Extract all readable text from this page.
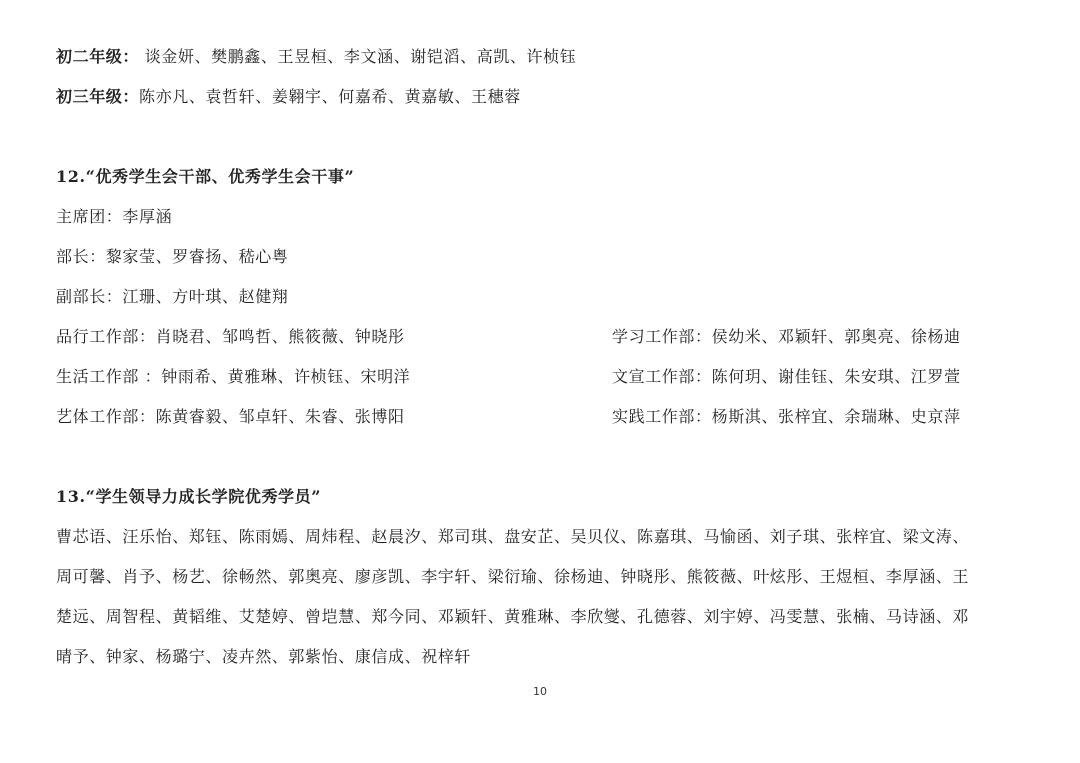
初二年级： 谈金妍、樊鹏鑫、王昱桓、李文涵、谢铠滔、高凯、许桢钰
初三年级：陈亦凡、袁哲轩、姜翱宇、何嘉希、黄嘉敏、王穗蓉
12.“优秀学生会干部、优秀学生会干事”
主席团：李厚涵
部长：黎家莹、罗睿扬、嵇心粤
副部长：江珊、方叶琪、赵健翔
品行工作部：肖晓君、邹鸣哲、熊筱薇、钟晓彤
生活工作部 ：钟雨希、黄雅琳、许桢钰、宋明洋
艺体工作部：陈黄睿毅、邹卓轩、朱睿、张博阳
学习工作部：侯幼米、邓颖轩、郭奥亮、徐杨迪
文宣工作部：陈何玥、谢佳钰、朱安琪、江罗萱
实践工作部：杨斯淇、张梓宜、余瑞琳、史京萍
13.“学生领导力成长学院优秀学员”
曹芯语、汪乐怡、郑钰、陈雨嫣、周炜程、赵晨汐、郑司琪、盘安芷、吴贝仪、陈嘉琪、马愉函、刘子琪、张梓宜、梁文涛、
周可馨、肖予、杨艺、徐畅然、郭奥亮、廖彦凯、李宇轩、梁衍瑜、徐杨迪、钟晓彤、熊筱薇、叶炫彤、王煜桓、李厚涵、王
楚远、周智程、黄韬维、艾楚婷、曾垲慧、郑今同、邓颖轩、黄雅琳、李欣燮、孔德蓉、刘宇婷、冯雯慧、张楠、马诗涵、邓
晴予、钟家、杨璐宁、凌卉然、郭紫怡、康信成、祝梓轩
10
